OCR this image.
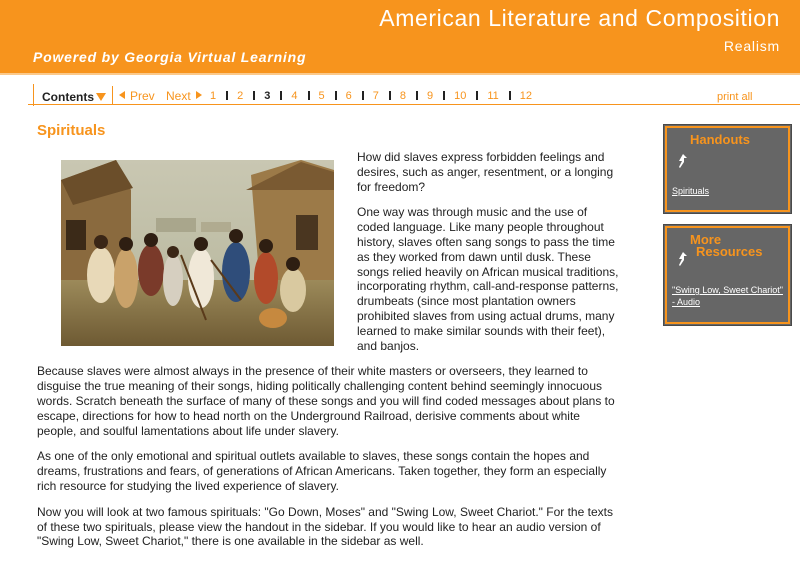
American Literature and Composition
Realism
Powered by Georgia Virtual Learning
Contents	Prev Next	1 2 3 4 5 6 7 8 9 10 11 12	print all
Spirituals

How did slaves express forbidden feelings and desires, such as anger, resentment, or a longing for freedom?

One way was through music and the use of coded language. Like many people throughout history, slaves often sang songs to pass the time as they worked from dawn until dusk. These songs relied heavily on African musical traditions, incorporating rhythm, call-and-response patterns, drumbeats (since most plantation owners prohibited slaves from using actual drums, many learned to make similar sounds with their feet), and banjos.

Because slaves were almost always in the presence of their white masters or overseers, they learned to disguise the true meaning of their songs, hiding politically challenging content behind seemingly innocuous words. Scratch beneath the surface of many of these songs and you will find coded messages about plans to escape, directions for how to head north on the Underground Railroad, derisive comments about white people, and soulful lamentations about life under slavery.

As one of the only emotional and spiritual outlets available to slaves, these songs contain the hopes and dreams, frustrations and fears, of generations of African Americans. Taken together, they form an especially rich resource for studying the lived experience of slavery.

Now you will look at two famous spirituals: "Go Down, Moses" and "Swing Low, Sweet Chariot." For the texts of these two spirituals, please view the handout in the sidebar. If you would like to hear an audio version of "Swing Low, Sweet Chariot," there is one available in the sidebar as well.

Handouts
Spirituals
More
Resources
"Swing Low, Sweet Chariot"
- Audio
